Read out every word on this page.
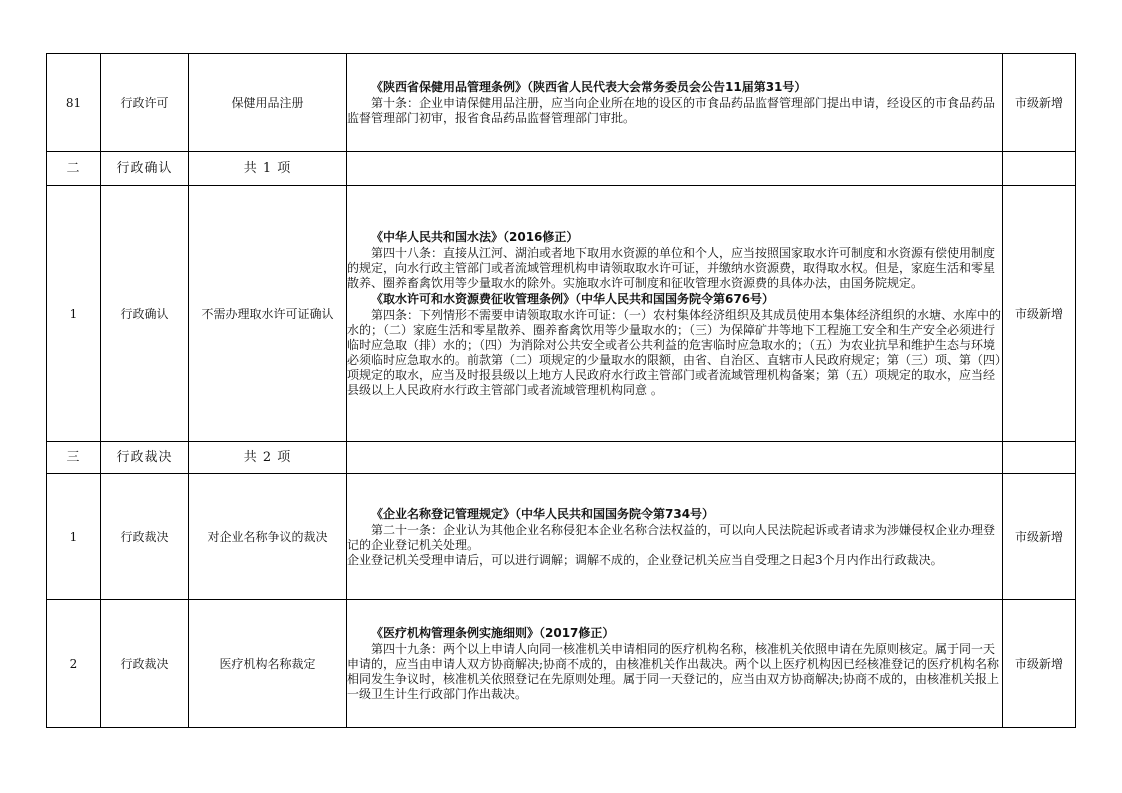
81	行政许可	保健用品注册	《陕西省保健用品管理条例》（陕西省人民代表大会常务委员会公告11届第31号）
第十条：企业申请保健用品注册，应当向企业所在地的设区的市食品药品监督管理部门提出申请，经设区的市食品药品监督管理部门初审，报省食品药品监督管理部门审批。	市级新增
二	行政确认	共 1 项		
1	行政确认	不需办理取水许可证确认	《中华人民共和国水法》（2016修正）
第四十八条：直接从江河、湖泊或者地下取用水资源的单位和个人，应当按照国家取水许可制度和水资源有偿使用制度的规定，向水行政主管部门或者流域管理机构申请领取取水许可证，并缴纳水资源费，取得取水权。但是，家庭生活和零星散养、圈养畜禽饮用等少量取水的除外。实施取水许可制度和征收管理水资源费的具体办法，由国务院规定。
《取水许可和水资源费征收管理条例》（中华人民共和国国务院令第676号）
第四条：下列情形不需要申请领取取水许可证：（一）农村集体经济组织及其成员使用本集体经济组织的水塘、水库中的水的；（二）家庭生活和零星散养、圈养畜禽饮用等少量取水的；（三）为保障矿井等地下工程施工安全和生产安全必须进行临时应急取（排）水的；（四）为消除对公共安全或者公共利益的危害临时应急取水的；（五）为农业抗旱和维护生态与环境必须临时应急取水的。前款第（二）项规定的少量取水的限额，由省、自治区、直辖市人民政府规定；第（三）项、第（四）项规定的取水，应当及时报县级以上地方人民政府水行政主管部门或者流域管理机构备案；第（五）项规定的取水，应当经县级以上人民政府水行政主管部门或者流域管理机构同意 。	市级新增
三	行政裁决	共 2 项		
1	行政裁决	对企业名称争议的裁决	《企业名称登记管理规定》（中华人民共和国国务院令第734号）
第二十一条：企业认为其他企业名称侵犯本企业名称合法权益的，可以向人民法院起诉或者请求为涉嫌侵权企业办理登记的企业登记机关处理。
企业登记机关受理申请后，可以进行调解；调解不成的，企业登记机关应当自受理之日起3个月内作出行政裁决。	市级新增
2	行政裁决	医疗机构名称裁定	《医疗机构管理条例实施细则》（2017修正）
第四十九条：两个以上申请人向同一核准机关申请相同的医疗机构名称，核准机关依照申请在先原则核定。属于同一天申请的，应当由申请人双方协商解决;协商不成的，由核准机关作出裁决。两个以上医疗机构因已经核准登记的医疗机构名称相同发生争议时，核准机关依照登记在先原则处理。属于同一天登记的，应当由双方协商解决;协商不成的，由核准机关报上一级卫生计生行政部门作出裁决。	市级新增
